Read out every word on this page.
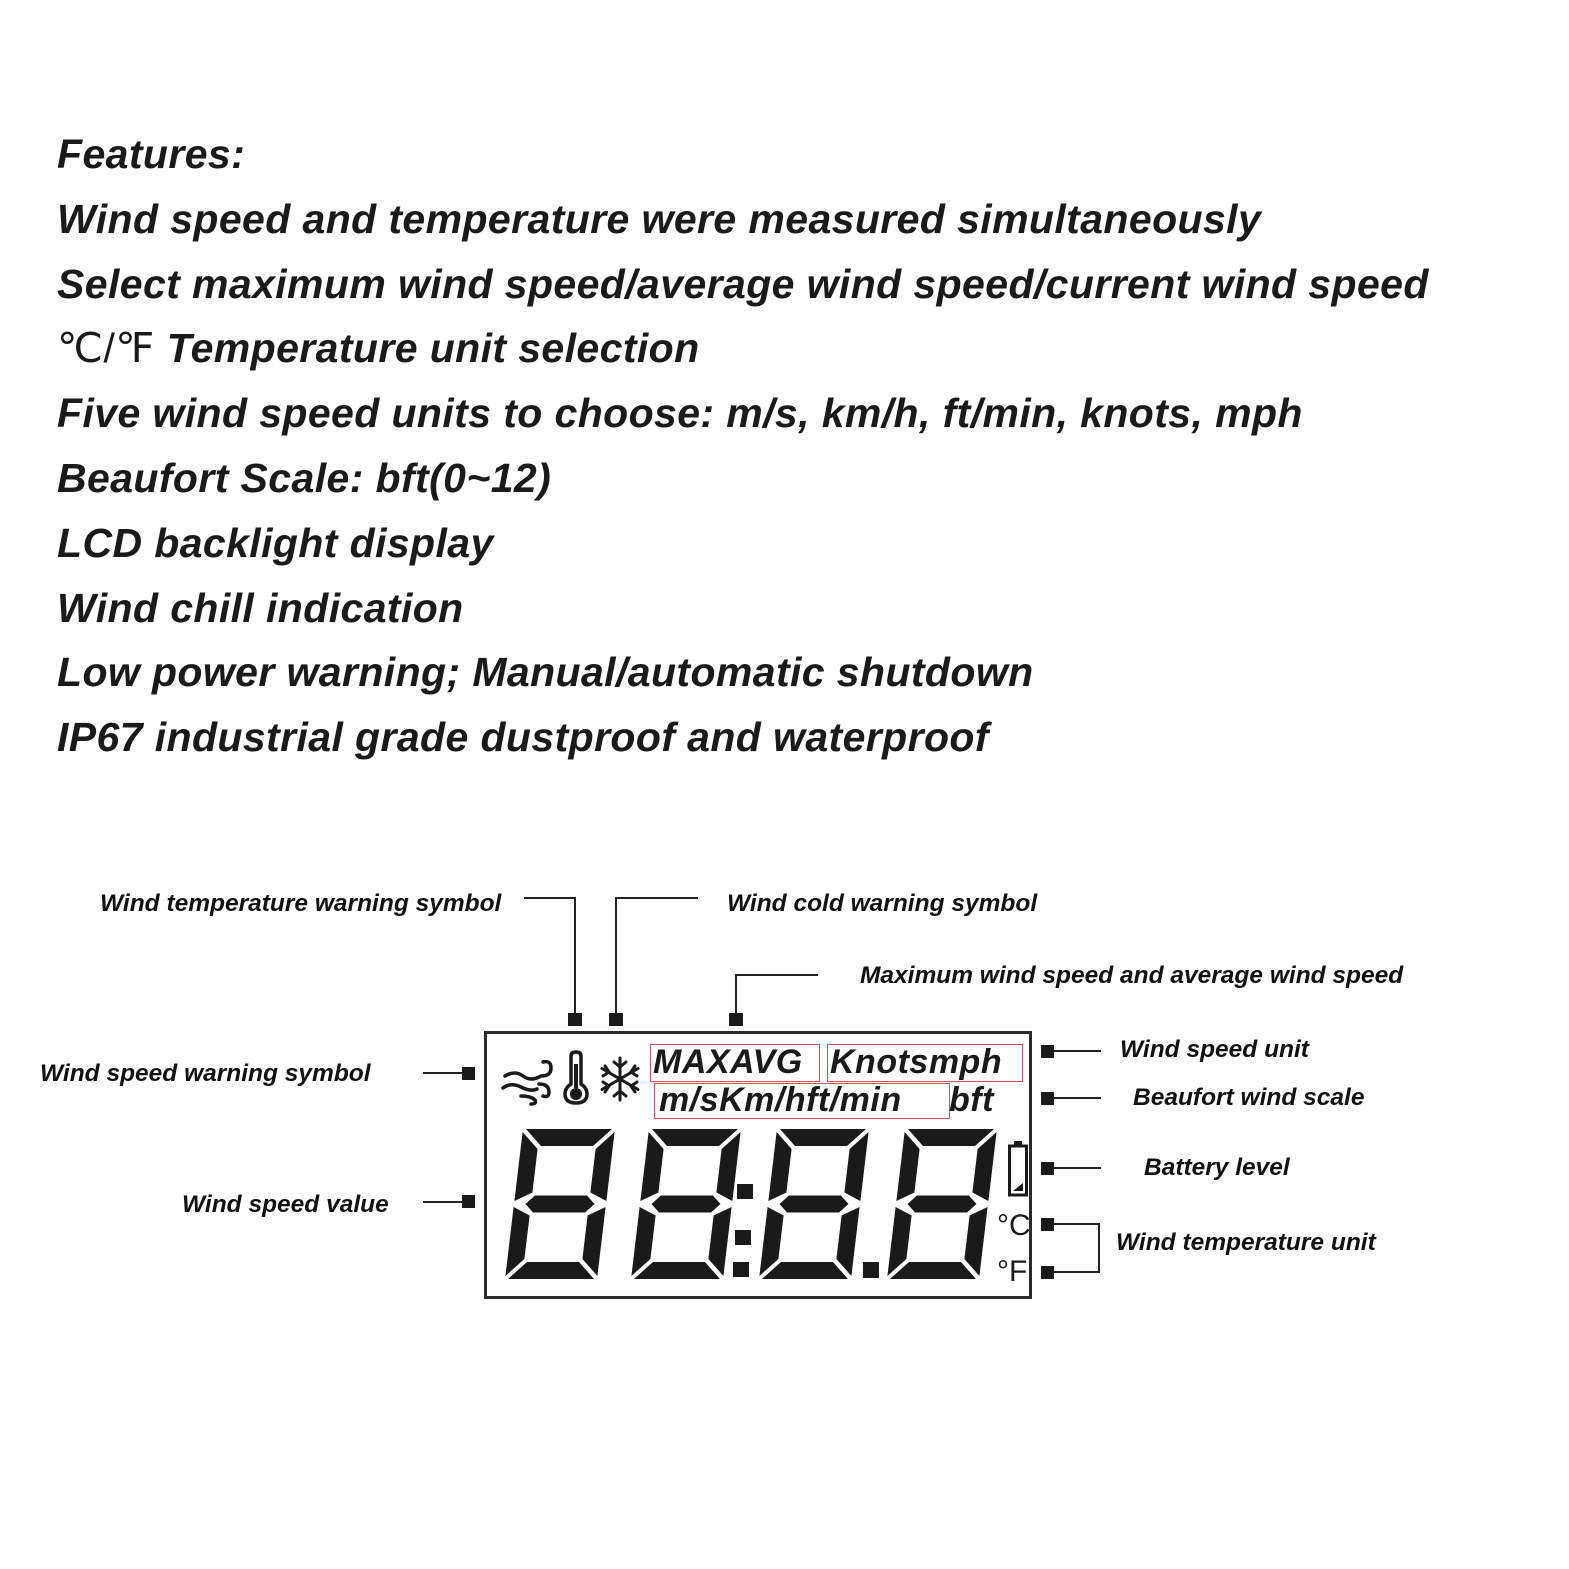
Features:
Wind speed and temperature were measured simultaneously
Select maximum wind speed/average wind speed/current wind speed
℃/℉ Temperature unit selection
Five wind speed units to choose: m/s, km/h, ft/min, knots, mph
Beaufort Scale: bft(0~12)
LCD backlight display
Wind chill indication
Low power warning; Manual/automatic shutdown
IP67 industrial grade dustproof and waterproof
Wind temperature warning symbol	Wind cold warning symbol
Maximum wind speed and average wind speed
Wind speed warning symbol
Wind speed unit
Beaufort wind scale
Battery level
Wind speed value
Wind temperature unit
MAXAVG Knotsmph
m/sKm/hft/min bft
°C
°F
